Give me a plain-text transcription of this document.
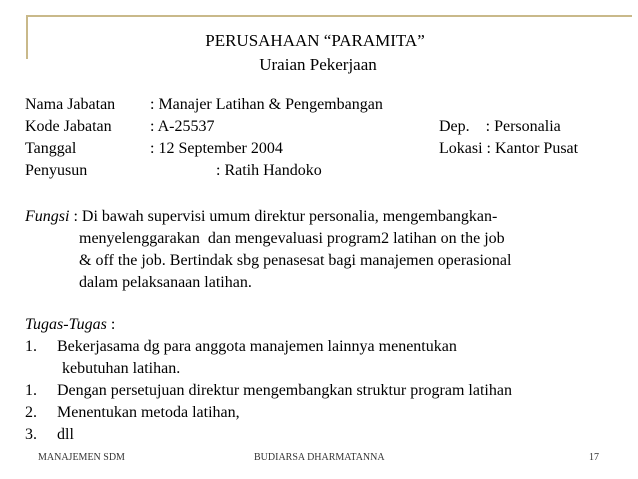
PERUSAHAAN “PARAMITA”
Uraian Pekerjaan
Nama Jabatan : Manajer Latihan & Pengembangan
Kode Jabatan : A-25537	Dep.    : Personalia
Tanggal	: 12 September 2004	Lokasi : Kantor Pusat
Penyusun	: Ratih Handoko
Fungsi : Di bawah supervisi umum direktur personalia, mengembangkan-
menyelenggarakan  dan mengevaluasi program2 latihan on the job
& off the job. Bertindak sbg penasesat bagi manajemen operasional
dalam pelaksanaan latihan.
Tugas-Tugas :
1. Bekerjasama dg para anggota manajemen lainnya menentukan
kebutuhan latihan.
1. Dengan persetujuan direktur mengembangkan struktur program latihan
2. Menentukan metoda latihan,
3. dll
MANAJEMEN SDM	BUDIARSA DHARMATANNA	17
